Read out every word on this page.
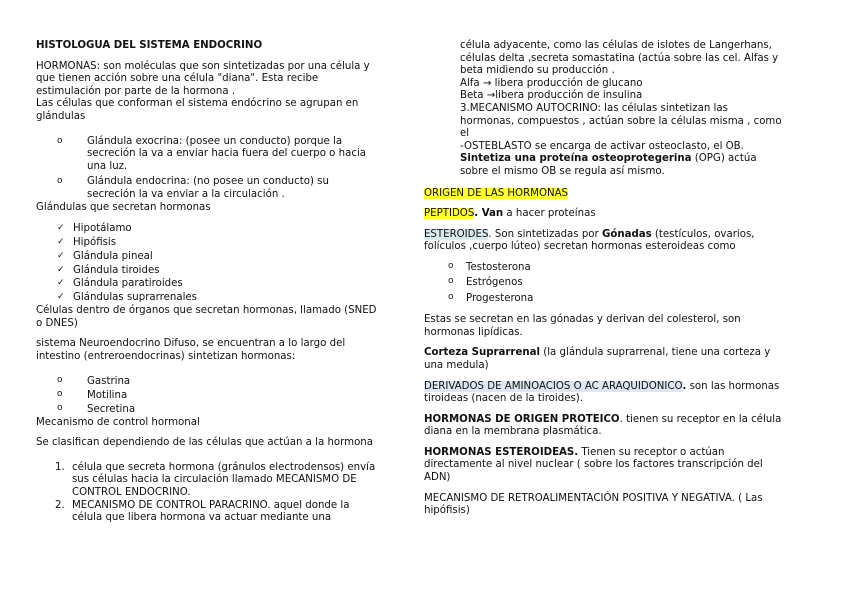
HISTOLOGUA DEL SISTEMA ENDOCRINO

HORMONAS: son moléculas que son sintetizadas por una célula y que tienen acción sobre una célula "diana". Esta recibe estimulación por parte de la hormona .

Las células que conforman el sistema endócrino se agrupan en glándulas

o Glándula exocrina: (posee un conducto) porque la secreción la va a enviar hacia fuera del cuerpo o hacia una luz.
o Glándula endocrina: (no posee un conducto) su secreción la va enviar a la circulación .

Glándulas que secretan hormonas

✓ Hipotálamo
✓ Hipófisis
✓ Glándula pineal
✓ Glándula tiroides
✓ Glándula paratiroides
✓ Glándulas suprarrenales

Células dentro de órganos que secretan hormonas, llamado (SNED o DNES)

sistema Neuroendocrino Difuso, se encuentran a lo largo del intestino (entreroendocrinas) sintetizan hormonas:

o Gastrina
o Motilina
o Secretina

Mecanismo de control hormonal

Se clasifican dependiendo de las células que actúan a la hormona

1. célula que secreta hormona (gránulos electrodensos) envía sus células hacia la circulación llamado MECANISMO DE CONTROL ENDOCRINO.
2. MECANISMO DE CONTROL PARACRINO. aquel donde la célula que libera hormona va actuar mediante una

célula adyacente, como las células de islotes de Langerhans, células delta ,secreta somastatina (actúa sobre las cel. Alfas y beta midiendo su producción .

Alfa → libera producción de glucano

Beta →libera producción de insulina

3.MECANISMO AUTOCRINO: las células sintetizan las hormonas, compuestos , actúan sobre la células misma , como el

-OSTEBLASTO se encarga de activar osteoclasto, el OB.

Sintetiza una proteína osteoprotegerina (OPG) actúa sobre el mismo OB se regula así mismo.

ORIGEN DE LAS HORMONAS

PEPTIDOS. Van a hacer proteínas

ESTEROIDES. Son sintetizadas por Gónadas (testículos, ovarios, folículos ,cuerpo lúteo) secretan hormonas esteroideas como

o Testosterona
o Estrógenos
o Progesterona

Estas se secretan en las gónadas y derivan del colesterol, son hormonas lipídicas.

Corteza Suprarrenal (la glándula suprarrenal, tiene una corteza y una medula)

DERIVADOS DE AMINOACIOS O AC ARAQUIDONICO. son las hormonas tiroideas (nacen de la tiroides).

HORMONAS DE ORIGEN PROTEICO. tienen su receptor en la célula diana en la membrana plasmática.

HORMONAS ESTEROIDEAS. Tienen su receptor o actúan directamente al nivel nuclear ( sobre los factores transcripción del ADN)

MECANISMO DE RETROALIMENTACIÓN POSITIVA Y NEGATIVA. ( Las hipófisis)
